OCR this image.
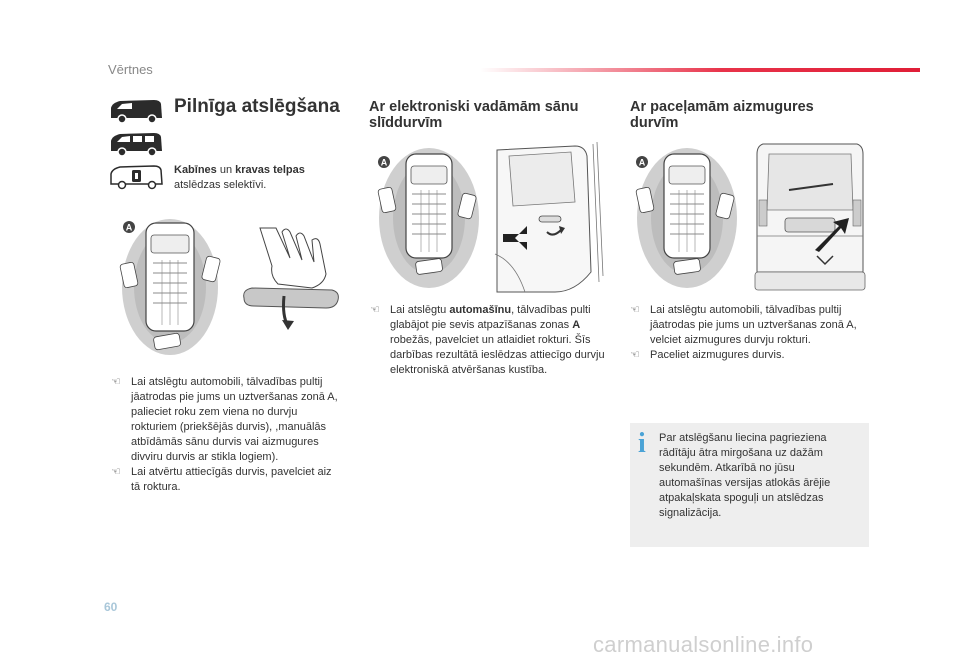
Vērtnes
Pilnīga atslēgšana
Kabīnes un kravas telpas
atslēdzas selektīvi.
A
☜ Lai atslēgtu automobili, tālvadības pultij jāatrodas pie jums un uztveršanas zonā A, palieciet roku zem viena no durvju rokturiem (priekšējās durvis), ,manuālās atbīdāmās sānu durvis vai aizmugures divviru durvis ar stikla logiem).
☜ Lai atvērtu attiecīgās durvis, pavelciet aiz tā roktura.
Ar elektroniski vadāmām sānu slīddurvīm
A
☜ Lai atslēgtu automašīnu, tālvadības pulti glabājot pie sevis atpazīšanas zonas A robežās, pavelciet un atlaidiet rokturi. Šīs darbības rezultātā ieslēdzas attiecīgo durvju elektroniskā atvēršanas kustība.
Ar paceļamām aizmugures durvīm
A
☜ Lai atslēgtu automobili, tālvadības pultij jāatrodas pie jums un uztveršanas zonā A, velciet aizmugures durvju rokturi.
☜ Paceliet aizmugures durvis.
i Par atslēgšanu liecina pagrieziena rādītāju ātra mirgošana uz dažām sekundēm. Atkarībā no jūsu automašīnas versijas atlokās ārējie atpakaļskata spoguļi un atslēdzas signalizācija.
60
carmanualsonline.info
